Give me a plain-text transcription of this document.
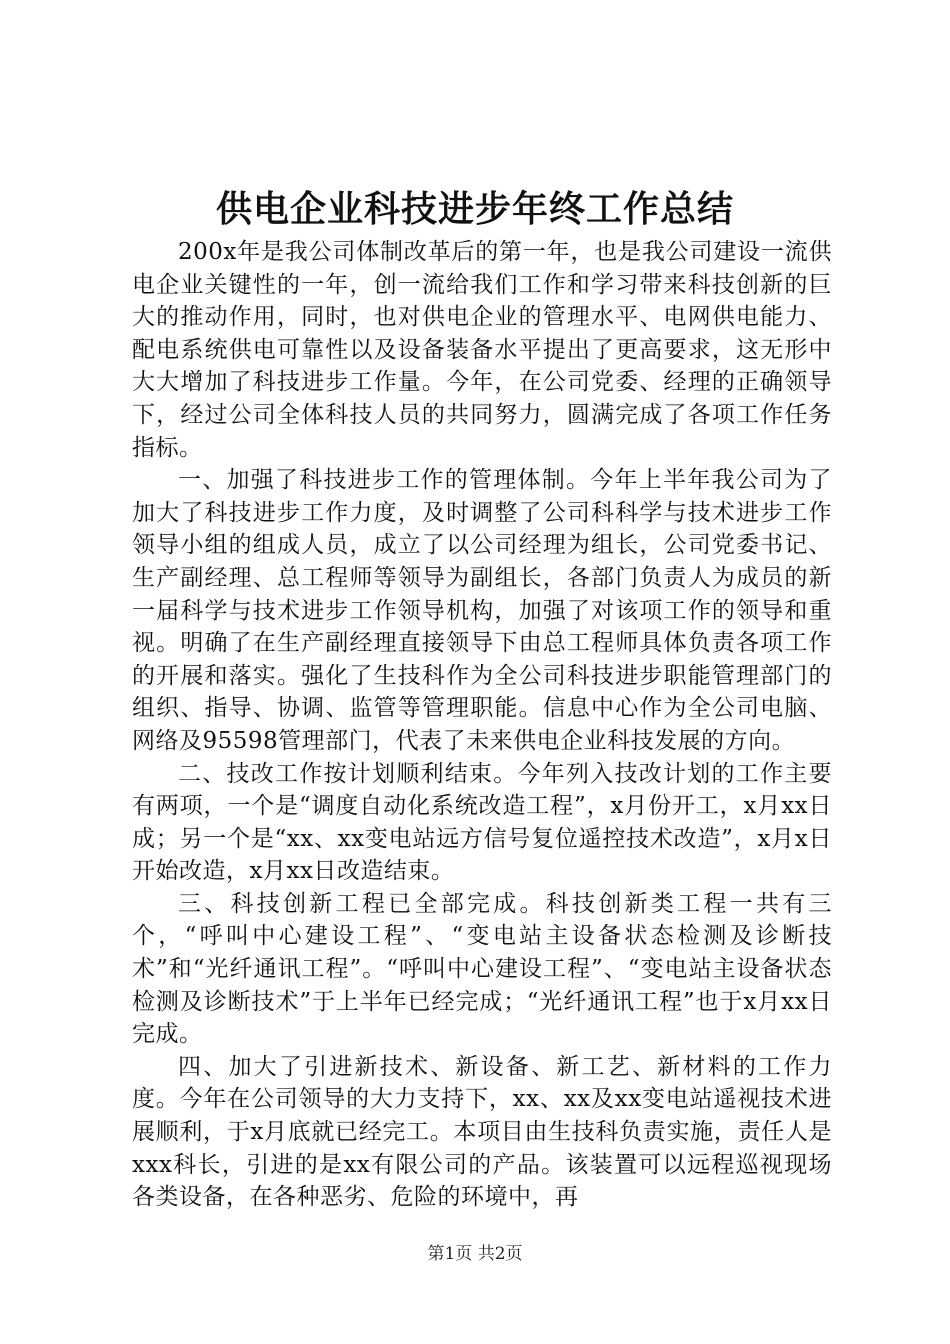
供电企业科技进步年终工作总结

200x年是我公司体制改革后的第一年，也是我公司建设一流供电企业关键性的一年，创一流给我们工作和学习带来科技创新的巨大的推动作用，同时，也对供电企业的管理水平、电网供电能力、配电系统供电可靠性以及设备装备水平提出了更高要求，这无形中大大增加了科技进步工作量。今年，在公司党委、经理的正确领导下，经过公司全体科技人员的共同努力，圆满完成了各项工作任务指标。

一、加强了科技进步工作的管理体制。今年上半年我公司为了加大了科技进步工作力度，及时调整了公司科科学与技术进步工作领导小组的组成人员，成立了以公司经理为组长，公司党委书记、生产副经理、总工程师等领导为副组长，各部门负责人为成员的新一届科学与技术进步工作领导机构，加强了对该项工作的领导和重视。明确了在生产副经理直接领导下由总工程师具体负责各项工作的开展和落实。强化了生技科作为全公司科技进步职能管理部门的组织、指导、协调、监管等管理职能。信息中心作为全公司电脑、网络及95598管理部门，代表了未来供电企业科技发展的方向。

二、技改工作按计划顺利结束。今年列入技改计划的工作主要有两项，一个是“调度自动化系统改造工程”，x月份开工，x月xx日成；另一个是“xx、xx变电站远方信号复位遥控技术改造”，x月x日开始改造，x月xx日改造结束。

三、科技创新工程已全部完成。科技创新类工程一共有三个，“呼叫中心建设工程”、“变电站主设备状态检测及诊断技术”和“光纤通讯工程”。“呼叫中心建设工程”、“变电站主设备状态检测及诊断技术”于上半年已经完成；“光纤通讯工程”也于x月xx日完成。

四、加大了引进新技术、新设备、新工艺、新材料的工作力度。今年在公司领导的大力支持下，xx、xx及xx变电站遥视技术进展顺利，于x月底就已经完工。本项目由生技科负责实施，责任人是xxx科长，引进的是xx有限公司的产品。该装置可以远程巡视现场各类设备，在各种恶劣、危险的环境中，再

第1页 共2页
